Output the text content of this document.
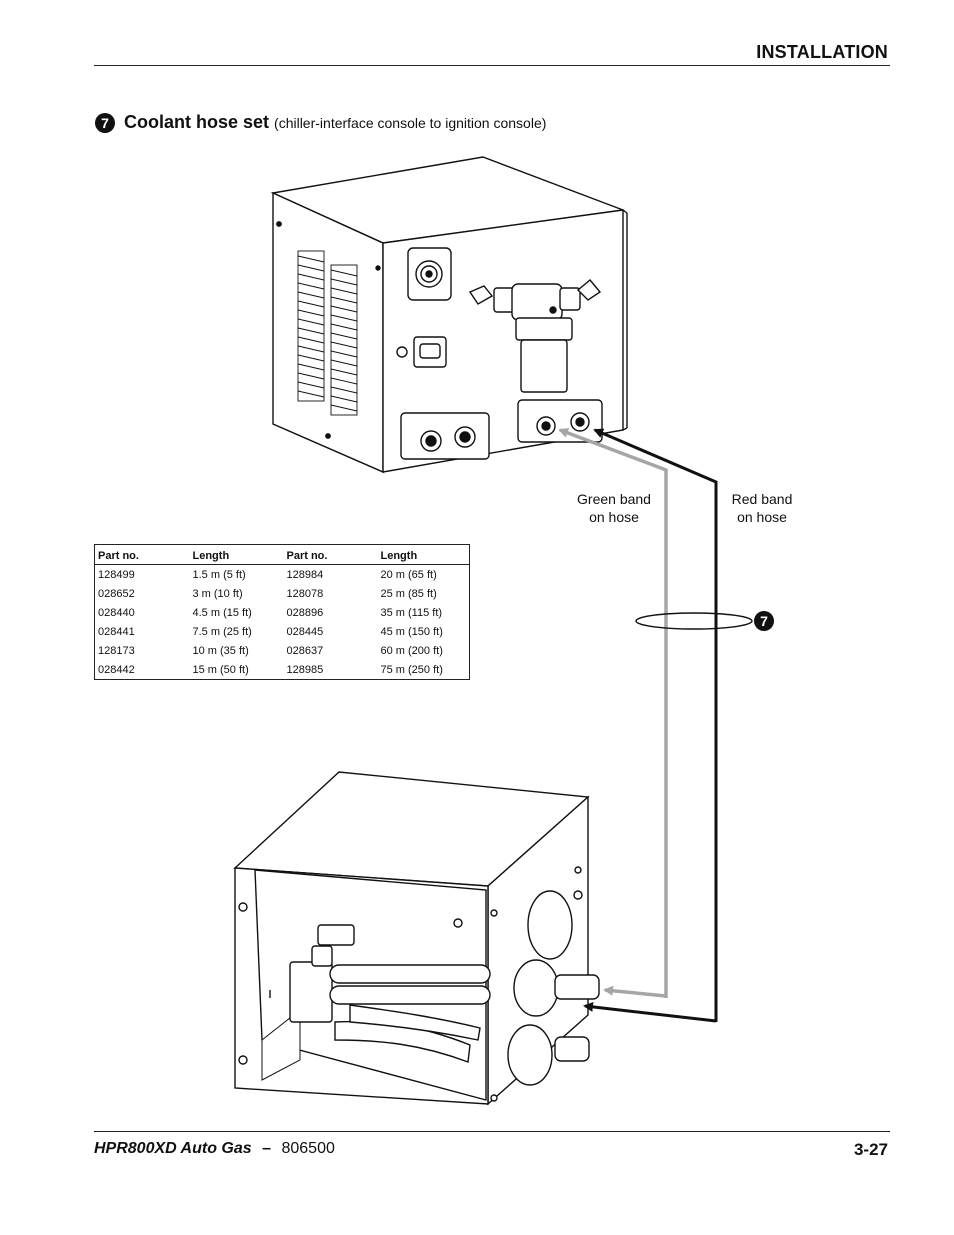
INSTALLATION
7 Coolant hose set (chiller-interface console to ignition console)
Green band
on hose
Red band
on hose
7
Part no.	Length	Part no.	Length
128499	1.5 m (5 ft)	128984	20 m (65 ft)
028652	3 m (10 ft)	128078	25 m (85 ft)
028440	4.5 m (15 ft)	028896	35 m (115 ft)
028441	7.5 m (25 ft)	028445	45 m (150 ft)
128173	10 m (35 ft)	028637	60 m (200 ft)
028442	15 m (50 ft)	128985	75 m (250 ft)
HPR800XD Auto Gas – 806500	3-27
